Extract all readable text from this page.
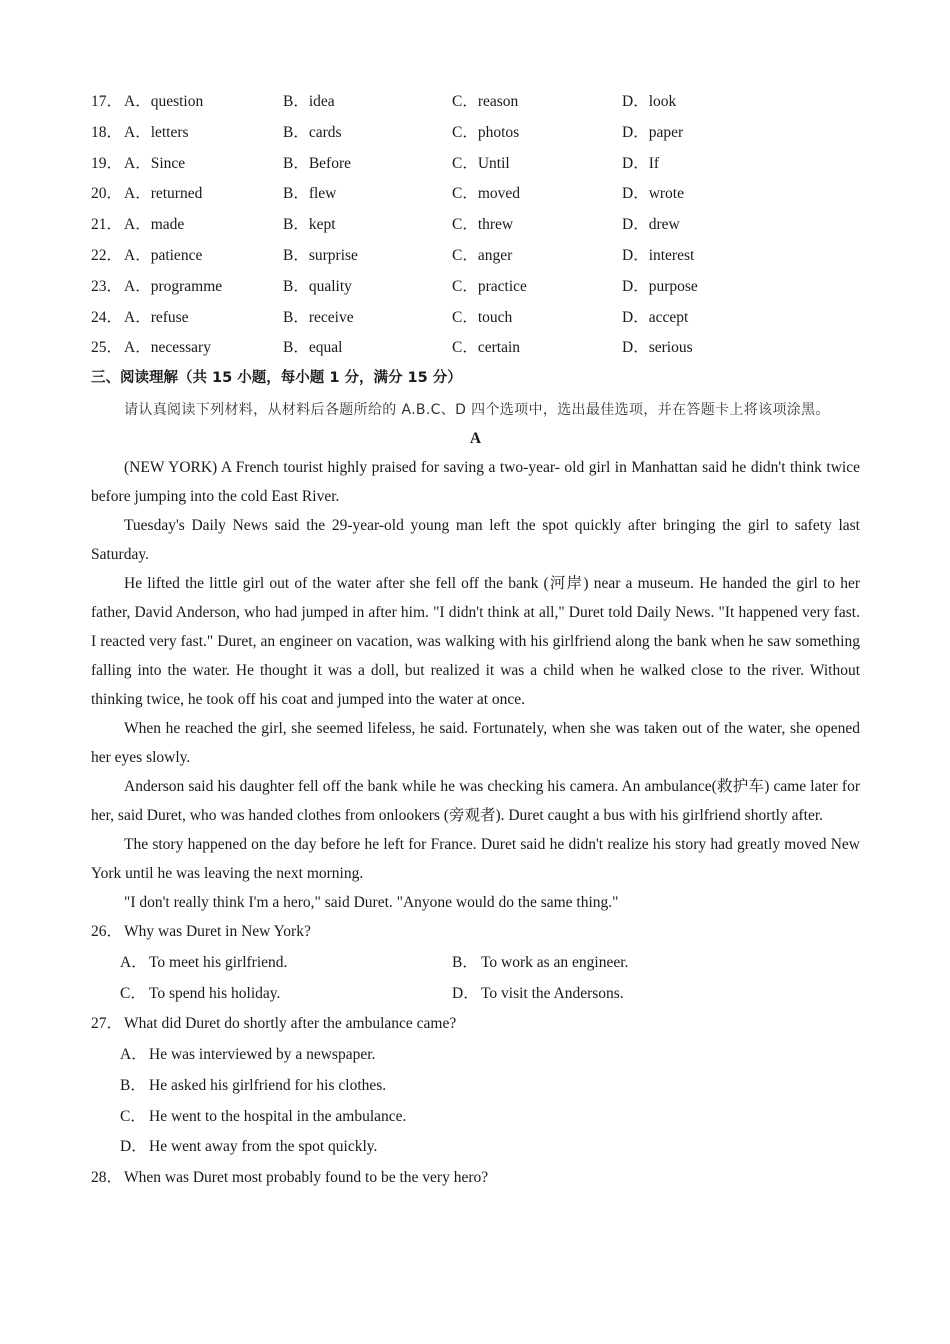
17． A．question	B．idea	C．reason	D．look
18． A．letters	B．cards	C．photos	D．paper
19． A．Since	B．Before	C．Until	D．If
20． A．returned	B．flew	C．moved	D．wrote
21． A．made	B．kept	C．threw	D．drew
22． A．patience	B．surprise	C．anger	D．interest
23． A．programme	B．quality	C．practice	D．purpose
24． A．refuse	B．receive	C．touch	D．accept
25． A．necessary	B．equal	C．certain	D．serious
三、阅读理解（共 15 小题，每小题 1 分，满分 15 分）

请认真阅读下列材料，从材料后各题所给的 A.B.C、D 四个选项中，选出最佳选项，并在答题卡上将该项涂黑。

A

(NEW YORK) A French tourist highly praised for saving a two-year- old girl in Manhattan said he didn't think twice before jumping into the cold East River.

Tuesday's Daily News said the 29-year-old young man left the spot quickly after bringing the girl to safety last Saturday.

He lifted the little girl out of the water after she fell off the bank (河岸) near a museum. He handed the girl to her father, David Anderson, who had jumped in after him. "I didn't think at all," Duret told Daily News. "It happened very fast. I reacted very fast." Duret, an engineer on vacation, was walking with his girlfriend along the bank when he saw something falling into the water. He thought it was a doll, but realized it was a child when he walked close to the river. Without thinking twice, he took off his coat and jumped into the water at once.

When he reached the girl, she seemed lifeless, he said. Fortunately, when she was taken out of the water, she opened her eyes slowly.

Anderson said his daughter fell off the bank while he was checking his camera. An ambulance(救护车) came later for her, said Duret, who was handed clothes from onlookers (旁观者). Duret caught a bus with his girlfriend shortly after.

The story happened on the day before he left for France. Duret said he didn't realize his story had greatly moved New York until he was leaving the next morning.

"I don't really think I'm a hero," said Duret. "Anyone would do the same thing."

26． Why was Duret in New York?
A． To meet his girlfriend.	B． To work as an engineer.
C． To spend his holiday.	D． To visit the Andersons.
27． What did Duret do shortly after the ambulance came?
A． He was interviewed by a newspaper.
B． He asked his girlfriend for his clothes.
C． He went to the hospital in the ambulance.
D． He went away from the spot quickly.
28． When was Duret most probably found to be the very hero?
